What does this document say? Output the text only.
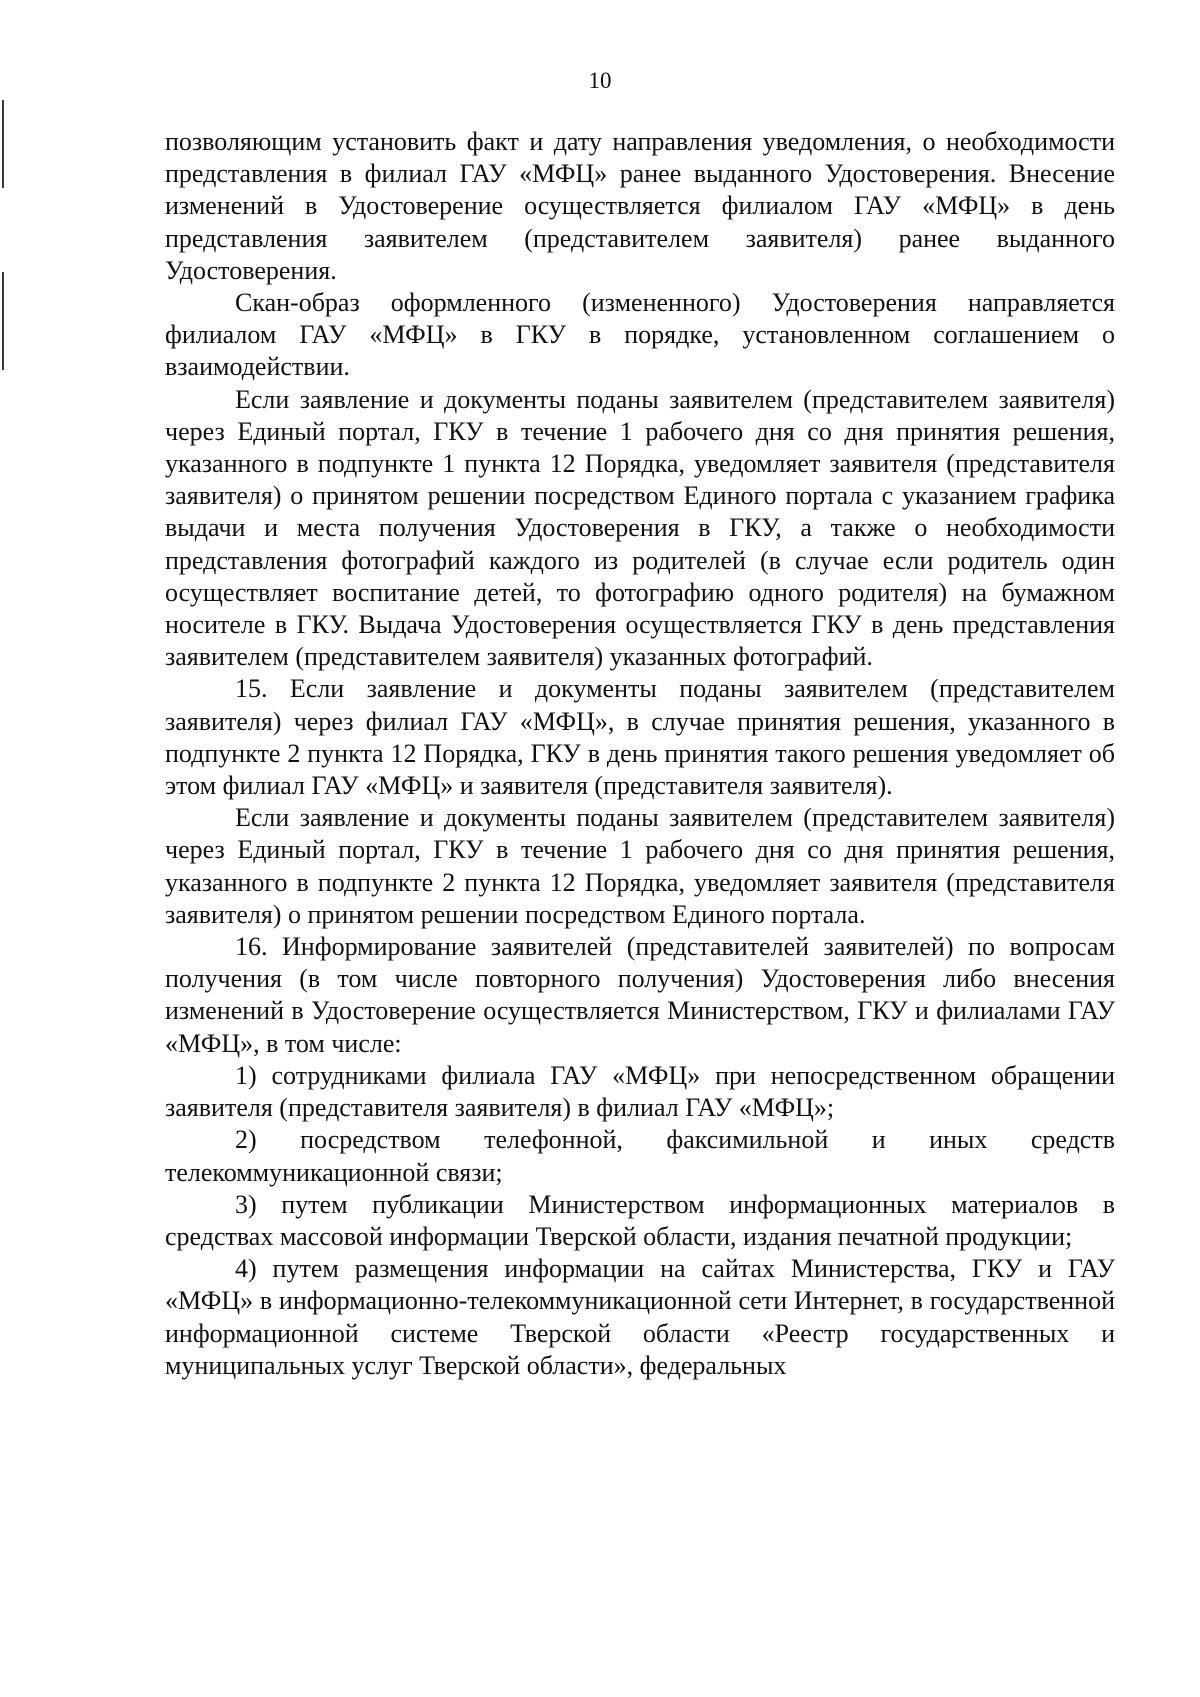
10

позволяющим установить факт и дату направления уведомления, о необходимости представления в филиал ГАУ «МФЦ» ранее выданного Удостоверения. Внесение изменений в Удостоверение осуществляется филиалом ГАУ «МФЦ» в день представления заявителем (представителем заявителя) ранее выданного Удостоверения.

Скан-образ оформленного (измененного) Удостоверения направляется филиалом ГАУ «МФЦ» в ГКУ в порядке, установленном соглашением о взаимодействии.

Если заявление и документы поданы заявителем (представителем заявителя) через Единый портал, ГКУ в течение 1 рабочего дня со дня принятия решения, указанного в подпункте 1 пункта 12 Порядка, уведомляет заявителя (представителя заявителя) о принятом решении посредством Единого портала с указанием графика выдачи и места получения Удостоверения в ГКУ, а также о необходимости представления фотографий каждого из родителей (в случае если родитель один осуществляет воспитание детей, то фотографию одного родителя) на бумажном носителе в ГКУ. Выдача Удостоверения осуществляется ГКУ в день представления заявителем (представителем заявителя) указанных фотографий.

15. Если заявление и документы поданы заявителем (представителем заявителя) через филиал ГАУ «МФЦ», в случае принятия решения, указанного в подпункте 2 пункта 12 Порядка, ГКУ в день принятия такого решения уведомляет об этом филиал ГАУ «МФЦ» и заявителя (представителя заявителя).

Если заявление и документы поданы заявителем (представителем заявителя) через Единый портал, ГКУ в течение 1 рабочего дня со дня принятия решения, указанного в подпункте 2 пункта 12 Порядка, уведомляет заявителя (представителя заявителя) о принятом решении посредством Единого портала.

16. Информирование заявителей (представителей заявителей) по вопросам получения (в том числе повторного получения) Удостоверения либо внесения изменений в Удостоверение осуществляется Министерством, ГКУ и филиалами ГАУ «МФЦ», в том числе:

1) сотрудниками филиала ГАУ «МФЦ» при непосредственном обращении заявителя (представителя заявителя) в филиал ГАУ «МФЦ»;

2) посредством телефонной, факсимильной и иных средств телекоммуникационной связи;

3) путем публикации Министерством информационных материалов в средствах массовой информации Тверской области, издания печатной продукции;

4) путем размещения информации на сайтах Министерства, ГКУ и ГАУ «МФЦ» в информационно-телекоммуникационной сети Интернет, в государственной информационной системе Тверской области «Реестр государственных и муниципальных услуг Тверской области», федеральных
